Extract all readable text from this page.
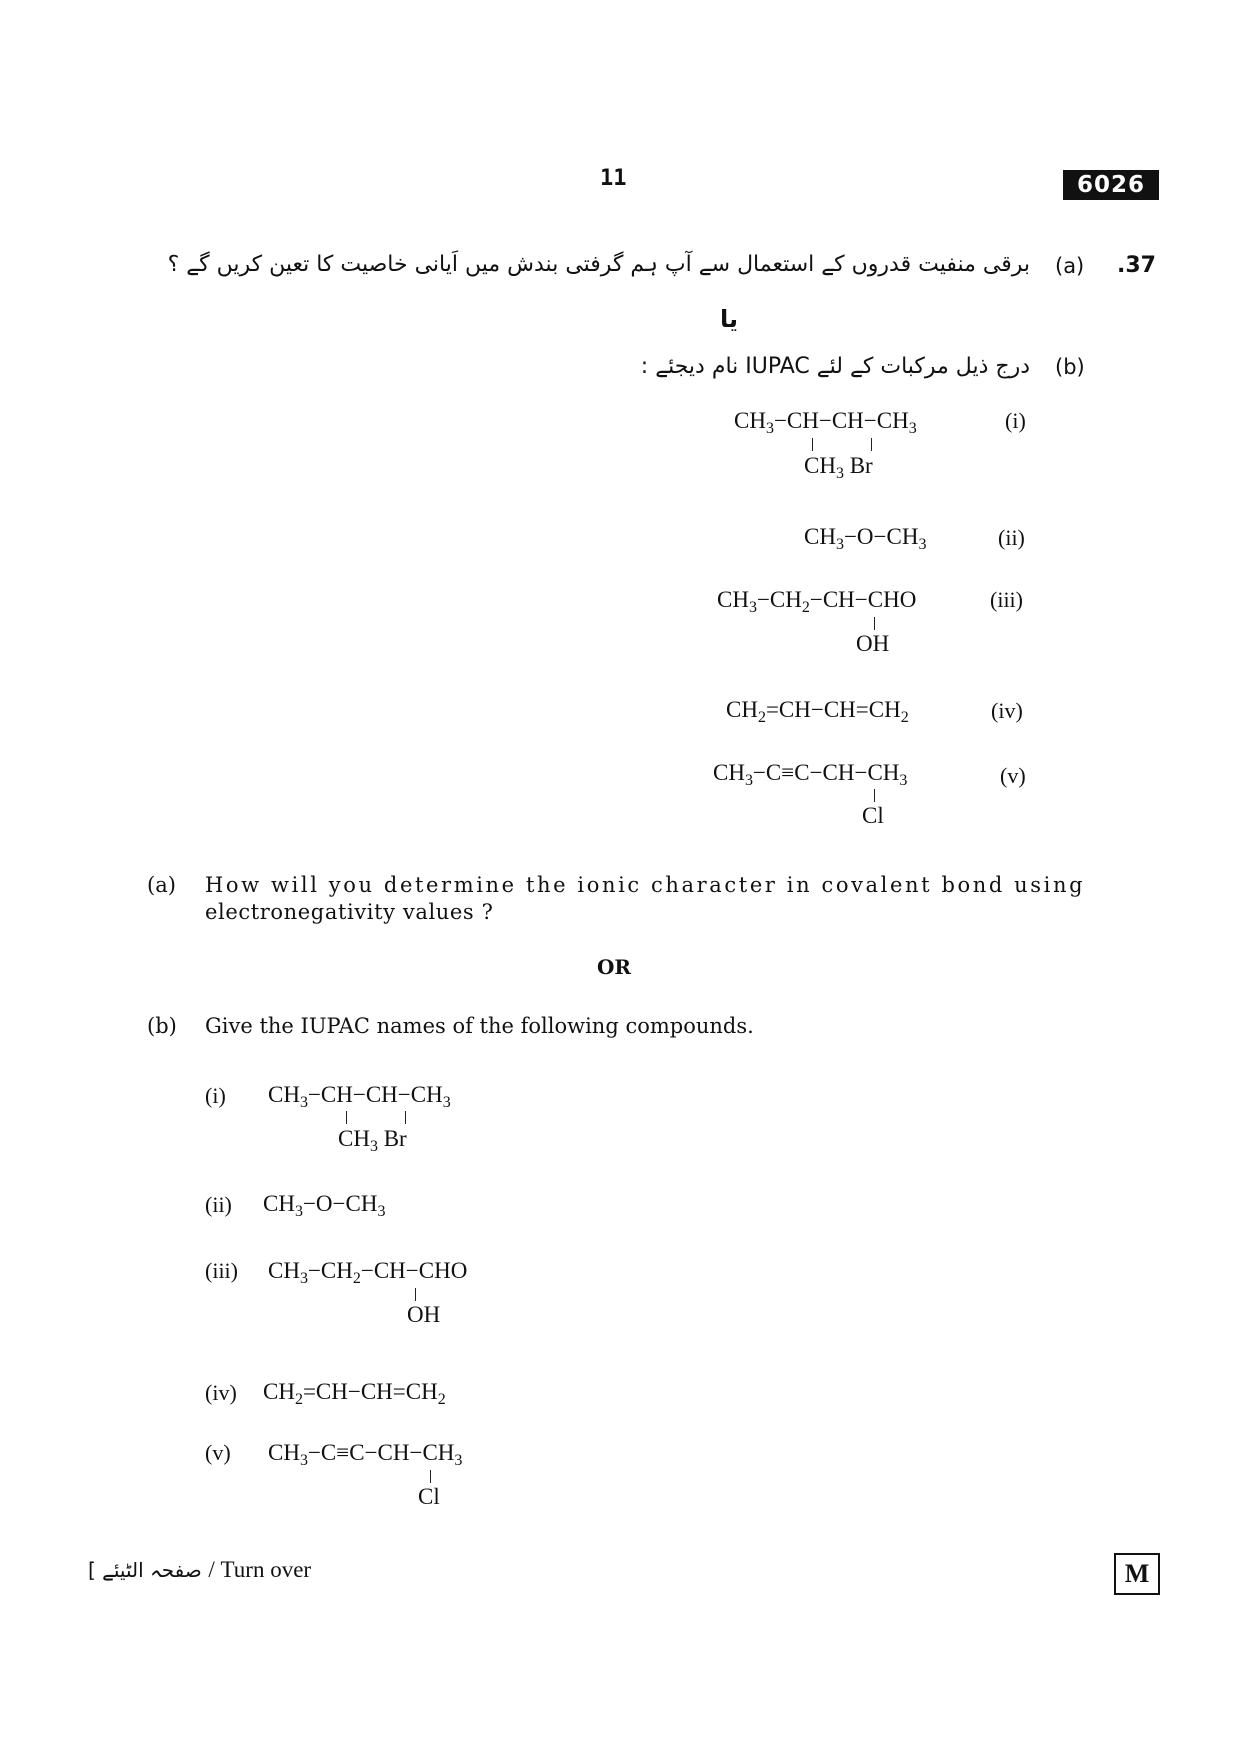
11	6026
.37
(a)
برقی منفیت قدروں کے استعمال سے آپ ہم گرفتی بندش میں اَیانی خاصیت کا تعین کریں گے ؟
یا
(b)
درج ذیل مرکبات کے لئے IUPAC نام دیجئے :
$CH_3-CH-CH-CH_3$
$CH_3$ Br
(i)
$CH_3-O-CH_3$	(ii)
$CH_3-CH_2-CH-CHO$
OH
(iii)
$CH_2=CH-CH=CH_2$	(iv)
$CH_3-C\equiv C-CH-CH_3$
Cl
(v)
(a) How will you determine the ionic character in covalent bond using
electronegativity values ?
OR
(b) Give the IUPAC names of the following compounds.
(i) $CH_3-CH-CH-CH_3$
$CH_3$ Br
(ii) $CH_3-O-CH_3$
(iii) $CH_3-CH_2-CH-CHO$
OH
(iv) $CH_2=CH-CH=CH_2$
(v) $CH_3-C\equiv C-CH-CH_3$
Cl
[ صفحہ الٹیئے / Turn over	M
